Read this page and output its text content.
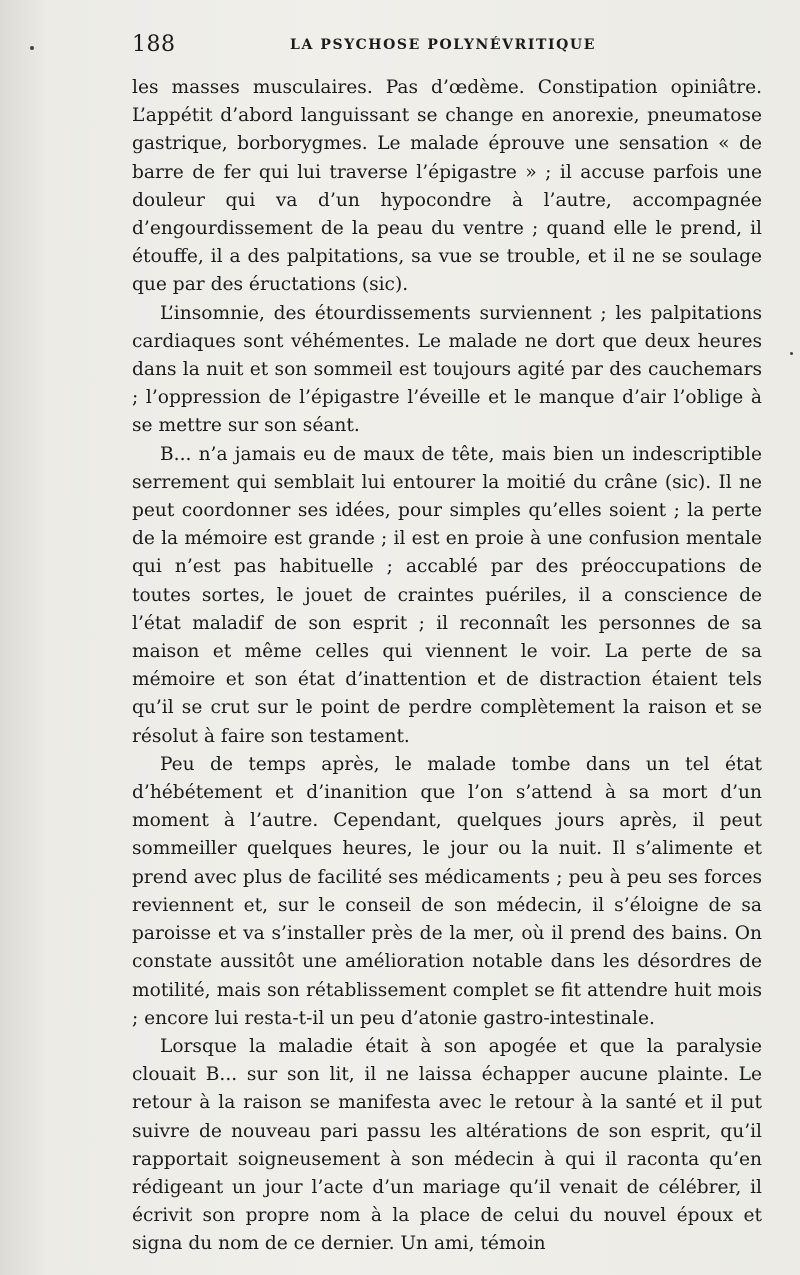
188	LA PSYCHOSE POLYNÉVRITIQUE

les masses musculaires. Pas d’œdème. Constipation opiniâtre. L’appétit d’abord languissant se change en anorexie, pneumatose gastrique, borborygmes. Le malade éprouve une sensation « de barre de fer qui lui traverse l’épigastre » ; il accuse parfois une douleur qui va d’un hypocondre à l’autre, accompagnée d’engourdissement de la peau du ventre ; quand elle le prend, il étouffe, il a des palpitations, sa vue se trouble, et il ne se soulage que par des éructations (sic).

L’insomnie, des étourdissements surviennent ; les palpitations cardiaques sont véhémentes. Le malade ne dort que deux heures dans la nuit et son sommeil est toujours agité par des cauchemars ; l’oppression de l’épigastre l’éveille et le manque d’air l’oblige à se mettre sur son séant.

B... n’a jamais eu de maux de tête, mais bien un indescriptible serrement qui semblait lui entourer la moitié du crâne (sic). Il ne peut coordonner ses idées, pour simples qu’elles soient ; la perte de la mémoire est grande ; il est en proie à une confusion mentale qui n’est pas habituelle ; accablé par des préoccupations de toutes sortes, le jouet de craintes puériles, il a conscience de l’état maladif de son esprit ; il reconnaît les personnes de sa maison et même celles qui viennent le voir. La perte de sa mémoire et son état d’inattention et de distraction étaient tels qu’il se crut sur le point de perdre complètement la raison et se résolut à faire son testament.

Peu de temps après, le malade tombe dans un tel état d’hébétement et d’inanition que l’on s’attend à sa mort d’un moment à l’autre. Cependant, quelques jours après, il peut sommeiller quelques heures, le jour ou la nuit. Il s’alimente et prend avec plus de facilité ses médicaments ; peu à peu ses forces reviennent et, sur le conseil de son médecin, il s’éloigne de sa paroisse et va s’installer près de la mer, où il prend des bains. On constate aussitôt une amélioration notable dans les désordres de motilité, mais son rétablissement complet se fit attendre huit mois ; encore lui resta-t-il un peu d’atonie gastro-intestinale.

Lorsque la maladie était à son apogée et que la paralysie clouait B... sur son lit, il ne laissa échapper aucune plainte. Le retour à la raison se manifesta avec le retour à la santé et il put suivre de nouveau pari passu les altérations de son esprit, qu’il rapportait soigneusement à son médecin à qui il raconta qu’en rédigeant un jour l’acte d’un mariage qu’il venait de célébrer, il écrivit son propre nom à la place de celui du nouvel époux et signa du nom de ce dernier. Un ami, témoin
